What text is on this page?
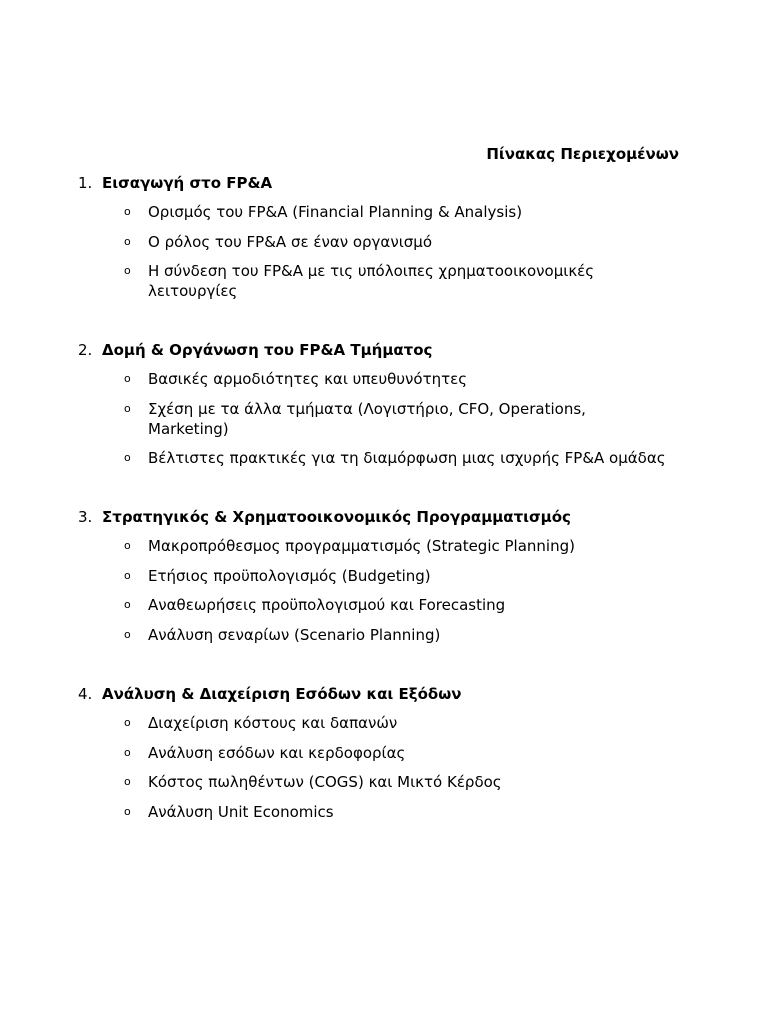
Πίνακας Περιεχομένων
1. Εισαγωγή στο FP&A
o Ορισμός του FP&A (Financial Planning & Analysis)
o Ο ρόλος του FP&A σε έναν οργανισμό
o Η σύνδεση του FP&A με τις υπόλοιπες χρηματοοικονομικές λειτουργίες
2. Δομή & Οργάνωση του FP&A Τμήματος
o Βασικές αρμοδιότητες και υπευθυνότητες
o Σχέση με τα άλλα τμήματα (Λογιστήριο, CFO, Operations, Marketing)
o Βέλτιστες πρακτικές για τη διαμόρφωση μιας ισχυρής FP&A ομάδας
3. Στρατηγικός & Χρηματοοικονομικός Προγραμματισμός
o Μακροπρόθεσμος προγραμματισμός (Strategic Planning)
o Ετήσιος προϋπολογισμός (Budgeting)
o Αναθεωρήσεις προϋπολογισμού και Forecasting
o Ανάλυση σεναρίων (Scenario Planning)
4. Ανάλυση & Διαχείριση Εσόδων και Εξόδων
o Διαχείριση κόστους και δαπανών
o Ανάλυση εσόδων και κερδοφορίας
o Κόστος πωληθέντων (COGS) και Μικτό Κέρδος
o Ανάλυση Unit Economics
